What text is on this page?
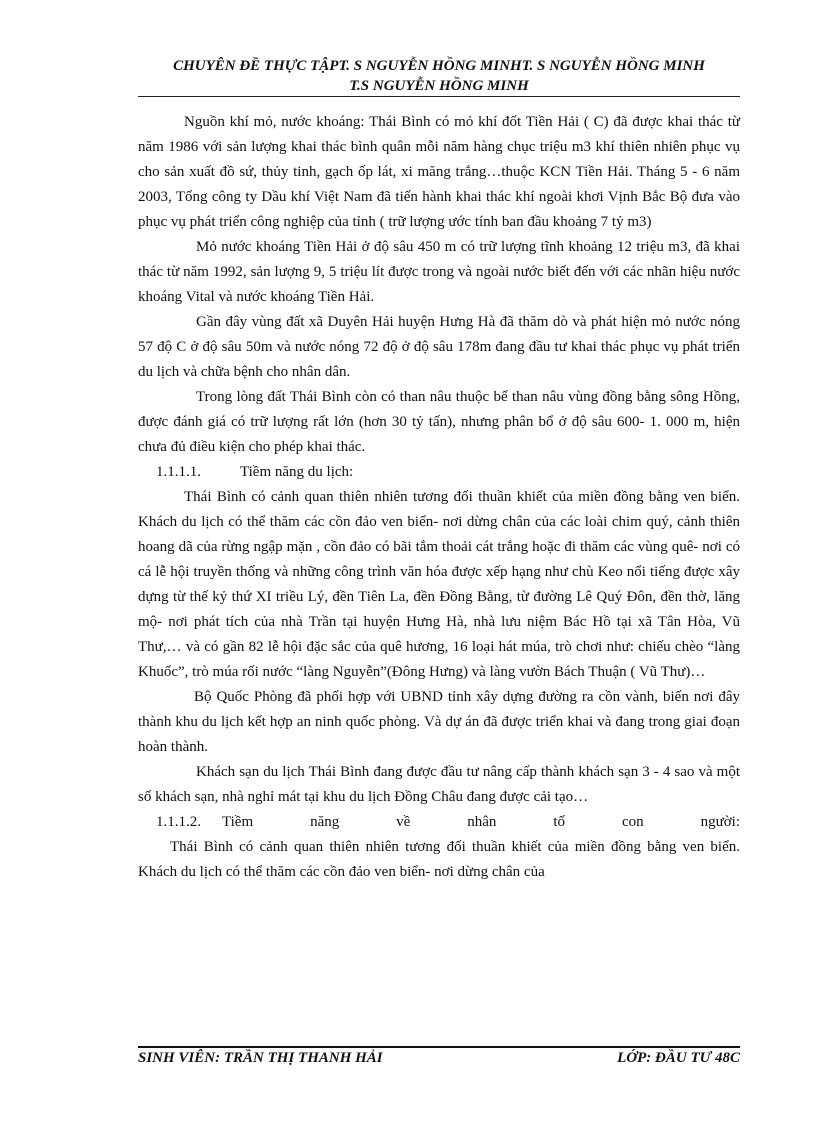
CHUYÊN ĐỀ THỰC TẬPT. S NGUYỄN HỒNG MINHT. S NGUYỄN HỒNG MINH
T.S NGUYỄN HỒNG MINH

Nguồn khí mỏ, nước khoáng: Thái Bình có mỏ khí đốt Tiền Hải ( C) đã được khai thác từ năm 1986 với sản lượng khai thác bình quân mỗi năm hàng chục triệu m3 khí thiên nhiên phục vụ cho sản xuất đồ sứ, thủy tinh, gạch ốp lát, xi măng trắng…thuộc KCN Tiền Hải. Tháng 5 - 6 năm 2003, Tổng công ty Dầu khí Việt Nam đã tiến hành khai thác khí ngoài khơi Vịnh Bắc Bộ đưa vào phục vụ phát triển công nghiệp của tỉnh ( trữ lượng ước tính ban đầu khoảng 7 tỷ m3)

Mỏ nước khoáng Tiền Hải ở độ sâu 450 m có trữ lượng tĩnh khoảng 12 triệu m3, đã khai thác từ năm 1992, sản lượng 9, 5 triệu lít được trong và ngoài nước biết đến với các nhãn hiệu nước khoáng Vital và nước khoáng Tiền Hải.

Gần đây vùng đất xã Duyên Hải huyện Hưng Hà đã thăm dò và phát hiện mỏ nước nóng 57 độ C ở độ sâu 50m và nước nóng 72 độ ở độ sâu 178m đang đầu tư khai thác phục vụ phát triển du lịch và chữa bệnh cho nhân dân.

Trong lòng đất Thái Bình còn có than nâu thuộc bể than nâu vùng đồng bằng sông Hồng, được đánh giá có trữ lượng rất lớn (hơn 30 tỷ tấn), nhưng phân bổ ở độ sâu 600- 1. 000 m, hiện chưa đủ điều kiện cho phép khai thác.

1.1.1.1.	Tiềm năng du lịch:

Thái Bình có cảnh quan thiên nhiên tương đối thuần khiết của miền đồng bằng ven biển. Khách du lịch có thể thăm các cồn đảo ven biển- nơi dừng chân của các loài chim quý, cảnh thiên hoang dã của rừng ngập mặn , cồn đảo có bãi tắm thoải cát trắng hoặc đi thăm các vùng quê- nơi có cá lễ hội truyền thống và những công trình văn hóa được xếp hạng như chù Keo nổi tiếng được xây dựng từ thế kỷ thứ XI triều Lý, đền Tiên La, đền Đồng Bằng, từ đường Lê Quý Đôn, đền thờ, lăng mộ- nơi phát tích của nhà Trần tại huyện Hưng Hà, nhà lưu niệm Bác Hồ tại xã Tân Hòa, Vũ Thư,… và có gần 82 lễ hội đặc sắc của quê hương, 16 loại hát múa, trò chơi như: chiếu chèo “làng Khuốc”, trò múa rối nước “làng Nguyễn”(Đông Hưng) và làng vườn Bách Thuận ( Vũ Thư)…

Bộ Quốc Phòng đã phối hợp với UBND tỉnh xây dựng đường ra cồn vành, biến nơi đây thành khu du lịch kết hợp an ninh quốc phòng. Và dự án đã được triển khai và đang trong giai đoạn hoàn thành.

Khách sạn du lịch Thái Bình đang được đầu tư nâng cấp thành khách sạn 3 - 4 sao và một số khách sạn, nhà nghỉ mát tại khu du lịch Đồng Châu đang được cải tạo…

1.1.1.2. Tiềm năng về nhân tố con người:

Thái Bình có cảnh quan thiên nhiên tương đối thuần khiết của miền đồng bằng ven biển. Khách du lịch có thể thăm các cồn đảo ven biển- nơi dừng chân của

SINH VIÊN: TRẦN THỊ THANH HẢI	LỚP: ĐẦU TƯ 48C
